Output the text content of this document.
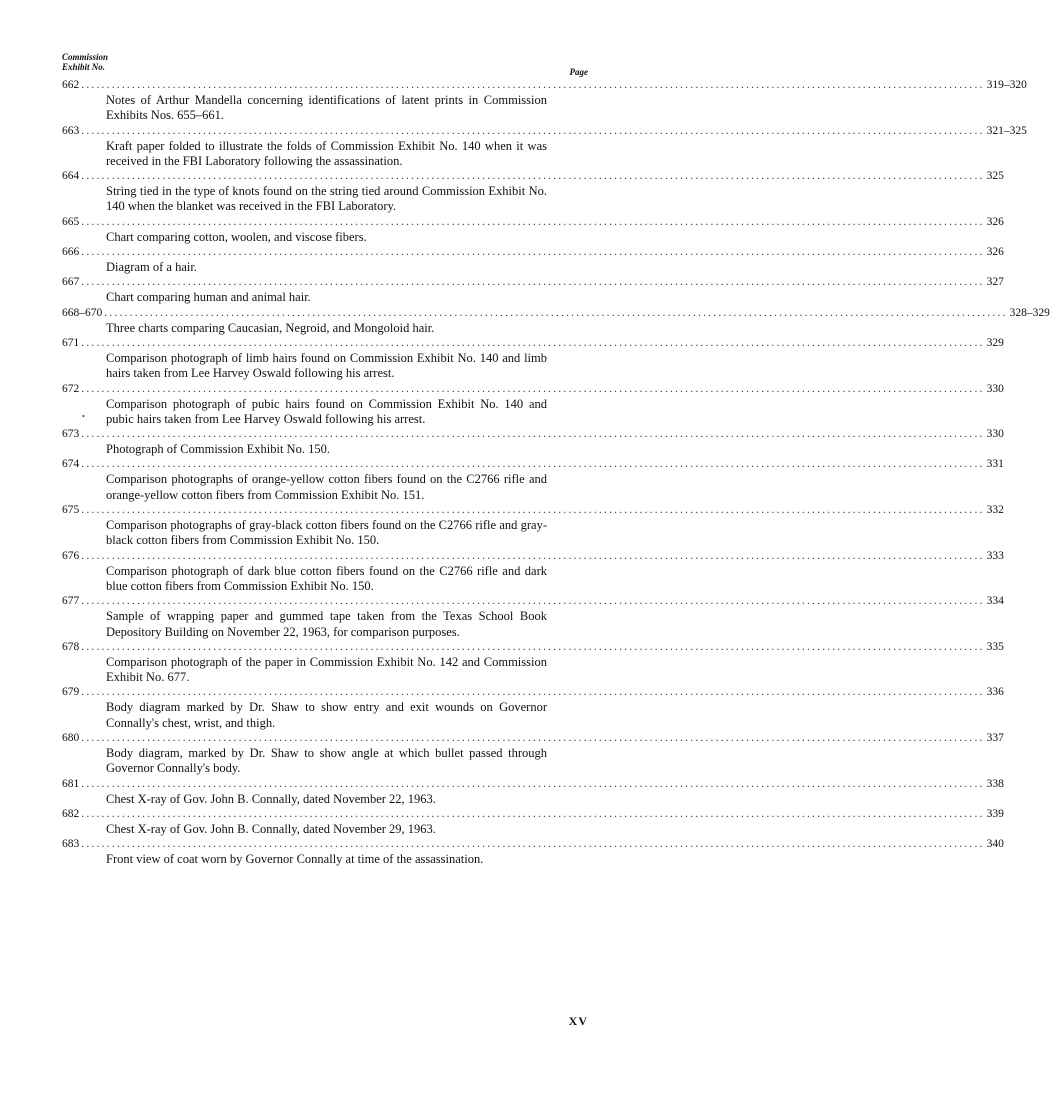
Commission
Exhibit No.	Page
662 .................................................................................................................................................................................. 319–320
Notes of Arthur Mandella concerning identifications of latent prints in Commission Exhibits Nos. 655–661.
663 .................................................................................................................................................................................. 321–325
Kraft paper folded to illustrate the folds of Commission Exhibit No. 140 when it was received in the FBI Laboratory following the assassination.
664 .................................................................................................................................................................................. 325
String tied in the type of knots found on the string tied around Commission Exhibit No. 140 when the blanket was received in the FBI Laboratory.
665 .................................................................................................................................................................................. 326
Chart comparing cotton, woolen, and viscose fibers.
666 .................................................................................................................................................................................. 326
Diagram of a hair.
667 .................................................................................................................................................................................. 327
Chart comparing human and animal hair.
668–670 .................................................................................................................................................................................. 328–329
Three charts comparing Caucasian, Negroid, and Mongoloid hair.
671 .................................................................................................................................................................................. 329
Comparison photograph of limb hairs found on Commission Exhibit No. 140 and limb hairs taken from Lee Harvey Oswald following his arrest.
672 .................................................................................................................................................................................. 330
Comparison photograph of pubic hairs found on Commission Exhibit No. 140 and pubic hairs taken from Lee Harvey Oswald following his arrest.
673 .................................................................................................................................................................................. 330
Photograph of Commission Exhibit No. 150.
674 .................................................................................................................................................................................. 331
Comparison photographs of orange-yellow cotton fibers found on the C2766 rifle and orange-yellow cotton fibers from Commission Exhibit No. 151.
675 .................................................................................................................................................................................. 332
Comparison photographs of gray-black cotton fibers found on the C2766 rifle and gray-black cotton fibers from Commission Exhibit No. 150.
676 .................................................................................................................................................................................. 333
Comparison photograph of dark blue cotton fibers found on the C2766 rifle and dark blue cotton fibers from Commission Exhibit No. 150.
677 .................................................................................................................................................................................. 334
Sample of wrapping paper and gummed tape taken from the Texas School Book Depository Building on November 22, 1963, for comparison purposes.
678 .................................................................................................................................................................................. 335
Comparison photograph of the paper in Commission Exhibit No. 142 and Commission Exhibit No. 677.
679 .................................................................................................................................................................................. 336
Body diagram marked by Dr. Shaw to show entry and exit wounds on Governor Connally's chest, wrist, and thigh.
680 .................................................................................................................................................................................. 337
Body diagram, marked by Dr. Shaw to show angle at which bullet passed through Governor Connally's body.
681 .................................................................................................................................................................................. 338
Chest X-ray of Gov. John B. Connally, dated November 22, 1963.
682 .................................................................................................................................................................................. 339
Chest X-ray of Gov. John B. Connally, dated November 29, 1963.
683 .................................................................................................................................................................................. 340
Front view of coat worn by Governor Connally at time of the assassination.
•
XV
